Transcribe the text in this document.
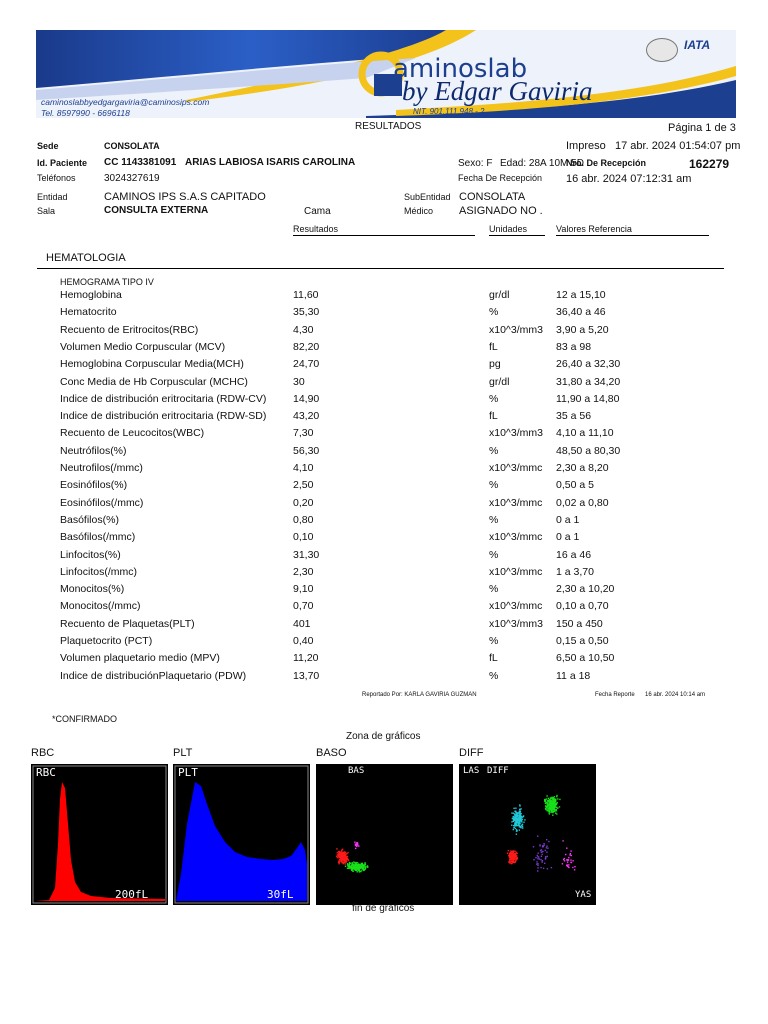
caminoslabbyedgargaviria@caminosips.com
Tel. 8597990 - 6696118
aminoslab
by Edgar Gaviria
NIT. 901.111.948 - 2
IATA
RESULTADOS	Página 1 de 3
Sede	CONSOLATA	Impreso 17 abr. 2024 01:54:07 pm
Id. Paciente CC 1143381091 ARIAS LABIOSA ISARIS CAROLINA	Sexo: F Edad: 28A 10M 5D
Nro. De Recepción	162279
Teléfonos	3024327619	Fecha De Recepción 16 abr. 2024 07:12:31 am
Entidad	CAMINOS IPS S.A.S CAPITADO	SubEntidad CONSOLATA
Sala	CONSULTA EXTERNA	Cama	Médico ASIGNADO NO .
Resultados	Unidades	Valores Referencia
HEMATOLOGIA
HEMOGRAMA TIPO IV
Hemoglobina	11,60	gr/dl	12 a 15,10
Hematocrito	35,30	%	36,40 a 46
Recuento de Eritrocitos(RBC)	4,30	x10^3/mm3 3,90 a 5,20
Volumen Medio Corpuscular (MCV)	82,20	fL	83 a 98
Hemoglobina Corpuscular Media(MCH)	24,70	pg	26,40 a 32,30
Conc Media de Hb Corpuscular (MCHC)	30	gr/dl	31,80 a 34,20
Indice de distribución eritrocitaria (RDW-CV)	14,90	%	11,90 a 14,80
Indice de distribución eritrocitaria (RDW-SD)	43,20	fL	35 a 56
Recuento de Leucocitos(WBC)	7,30	x10^3/mm3 4,10 a 11,10
Neutrófilos(%)	56,30	%	48,50 a 80,30
Neutrofilos(/mmc)	4,10	x10^3/mmc 2,30 a 8,20
Eosinófilos(%)	2,50	%	0,50 a 5
Eosinófilos(/mmc)	0,20	x10^3/mmc 0,02 a 0,80
Basófilos(%)	0,80	%	0 a 1
Basófilos(/mmc)	0,10	x10^3/mmc 0 a 1
Linfocitos(%)	31,30	%	16 a 46
Linfocitos(/mmc)	2,30	x10^3/mmc 1 a 3,70
Monocitos(%)	9,10	%	2,30 a 10,20
Monocitos(/mmc)	0,70	x10^3/mmc 0,10 a 0,70
Recuento de Plaquetas(PLT)	401	x10^3/mm3 150 a 450
Plaquetocrito (PCT)	0,40	%	0,15 a 0,50
Volumen plaquetario medio (MPV)	11,20	fL	6,50 a 10,50
Indice de distribuciónPlaquetario (PDW)	13,70	%	11 a 18
Reportado Por: KARLA GAVIRIA GUZMAN	Fecha Reporte 16 abr. 2024 10:14 am
*CONFIRMADO
Zona de gráficos
RBC	PLT	BASO	DIFF
RBC
200fL
PLT
30fL
BAS	LAS DIFF
YAS
fin de gráficos
